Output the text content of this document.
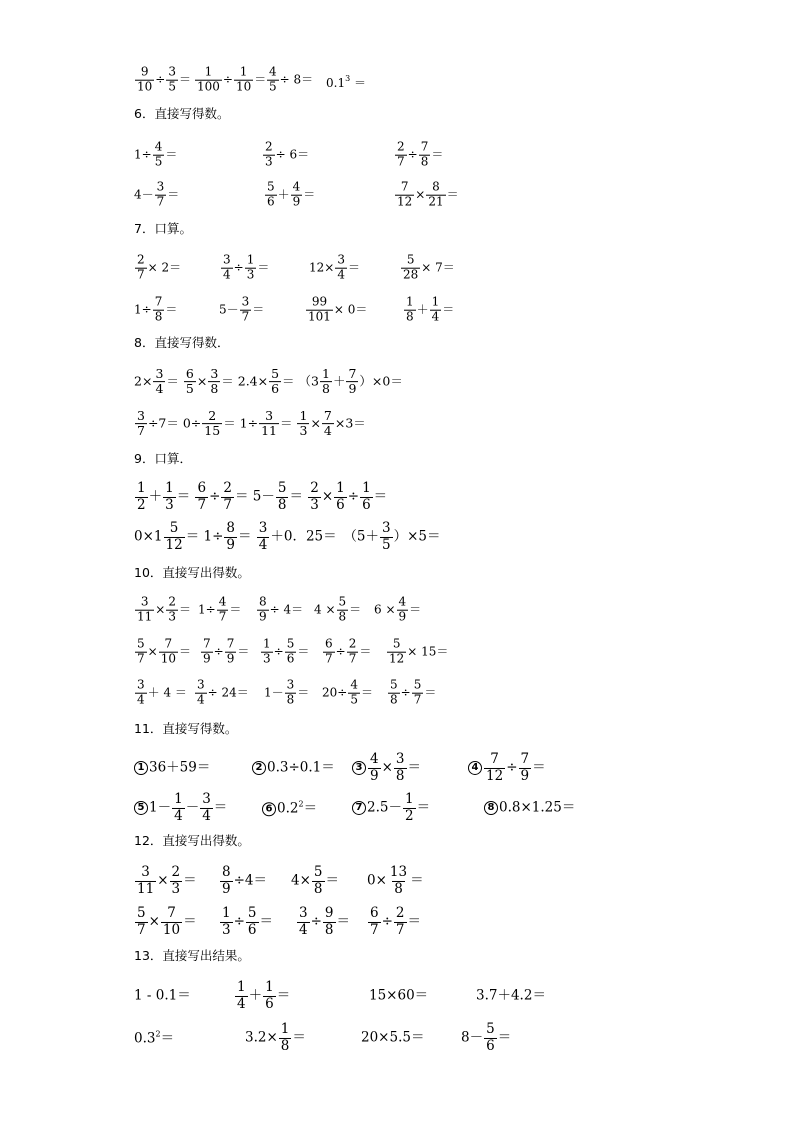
6．直接写得数。
7．口算。
8．直接写得数．
9．口算．
10．直接写出得数。
11．直接写得数。
12．直接写出得数。
13．直接写出结果。
$\frac{9}{10} \div \frac{3}{5} = \frac{1}{100} \div \frac{1}{10} = \frac{4}{5} \div 8= 0.1^3$ ＝
$1\div \frac{4}{5}$ ＝	$\frac{2}{3} \div 6=$	$\frac{2}{7} \div \frac{7}{8}$ ＝
$4- \frac{3}{7}$ ＝	$\frac{5}{6} + \frac{4}{9}$ ＝	$\frac{7}{12} \times \frac{8}{21}$ ＝
$\frac{2}{7} \times 2=$	$\frac{3}{4} \div \frac{1}{3}$ ＝	$12\times \frac{3}{4}$ ＝	$\frac{5}{28} \times 7=$
$1\div \frac{7}{8}$ ＝	$5- \frac{3}{7}$ ＝	$\frac{99}{101} \times 0=$	$\frac{1}{8} + \frac{1}{4}$ ＝
$2\times \frac{3}{4} = \frac{6}{5} \times \frac{3}{8} = 2.4\times \frac{5}{6} = (3 \frac{1}{8} + \frac{7}{9} )\times 0=$
$\frac{3}{7} \div 7= 0\div \frac{2}{15} = 1\div \frac{3}{11} = \frac{1}{3} \times \frac{7}{4} \times 3=$
$\frac{1}{2} + \frac{1}{3} = \frac{6}{7} \div \frac{2}{7} = 5- \frac{5}{8} = \frac{2}{3} \times \frac{1}{6} \div \frac{1}{6}$ ＝
$0\times 1 \frac{5}{12} = 1\div \frac{8}{9} = \frac{3}{4} +0$．25＝　$(5+ \frac{3}{5} )\times 5=$
$\frac{3}{11} \times \frac{2}{3} = 1\div \frac{4}{7} = \frac{8}{9} \div 4= 4 \times \frac{5}{8} = 6 \times \frac{4}{9}$ ＝
$\frac{5}{7} \times \frac{7}{10} = \frac{7}{9} \div \frac{7}{9} = \frac{1}{3} \div \frac{5}{6} = \frac{6}{7} \div \frac{2}{7} = \frac{5}{12} \times 15=$
$\frac{3}{4} + 4 = \frac{3}{4} \div 24= 1- \frac{3}{8} = 20\div \frac{4}{5} = \frac{5}{8} \div \frac{5}{7}$ ＝
1 36＋59＝	2 0.3÷0.1＝	$3 \frac{4}{9} \times \frac{3}{8}$ ＝	$4 \frac{7}{12} \div \frac{7}{9}$ ＝
5 $1- \frac{1}{4} - \frac{3}{4}$ ＝	6 $0.2^2=$	7 $2.5- \frac{1}{2}$ ＝	8 0.8×1.25＝
$\frac{3}{11} \times \frac{2}{3} = \frac{8}{9} \div 4= 4\times \frac{5}{8} = 0\times \frac{13}{8}$ ＝
$\frac{5}{7} \times \frac{7}{10} = \frac{1}{3} \div \frac{5}{6} = \frac{3}{4} \div \frac{9}{8} = \frac{6}{7} \div \frac{2}{7}$ ＝
1 - 0.1＝	$\frac{1}{4} + \frac{1}{6}$ ＝	15×60＝	3.7＋4.2＝
$0.3^2=$	$3.2\times \frac{1}{8}$ ＝	20×5.5＝	$8- \frac{5}{6}$ ＝
